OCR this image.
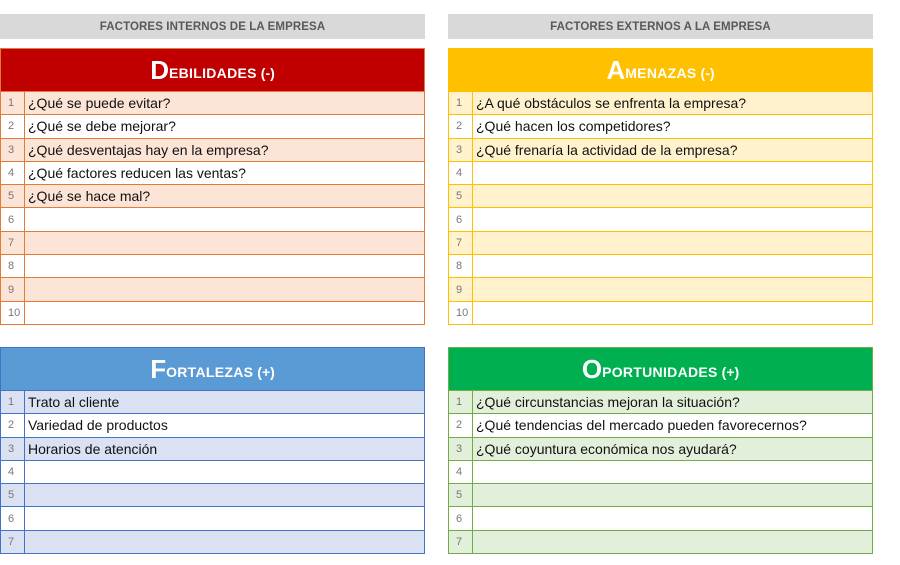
FACTORES INTERNOS DE LA EMPRESA	FACTORES EXTERNOS A LA EMPRESA
D EBILIDADES (-)
1 ¿Qué se puede evitar?
2 ¿Qué se debe mejorar?
3 ¿Qué desventajas hay en la empresa?
4 ¿Qué factores reducen las ventas?
5 ¿Qué se hace mal?
6
7
8
9
10
A MENAZAS (-)
1 ¿A qué obstáculos se enfrenta la empresa?
2 ¿Qué hacen los competidores?
3 ¿Qué frenaría la actividad de la empresa?
4
5
6
7
8
9
10
F ORTALEZAS (+)
1 Trato al cliente
2 Variedad de productos
3 Horarios de atención
4
5
6
7
O PORTUNIDADES (+)
1 ¿Qué circunstancias mejoran la situación?
2 ¿Qué tendencias del mercado pueden favorecernos?
3 ¿Qué coyuntura económica nos ayudará?
4
5
6
7
